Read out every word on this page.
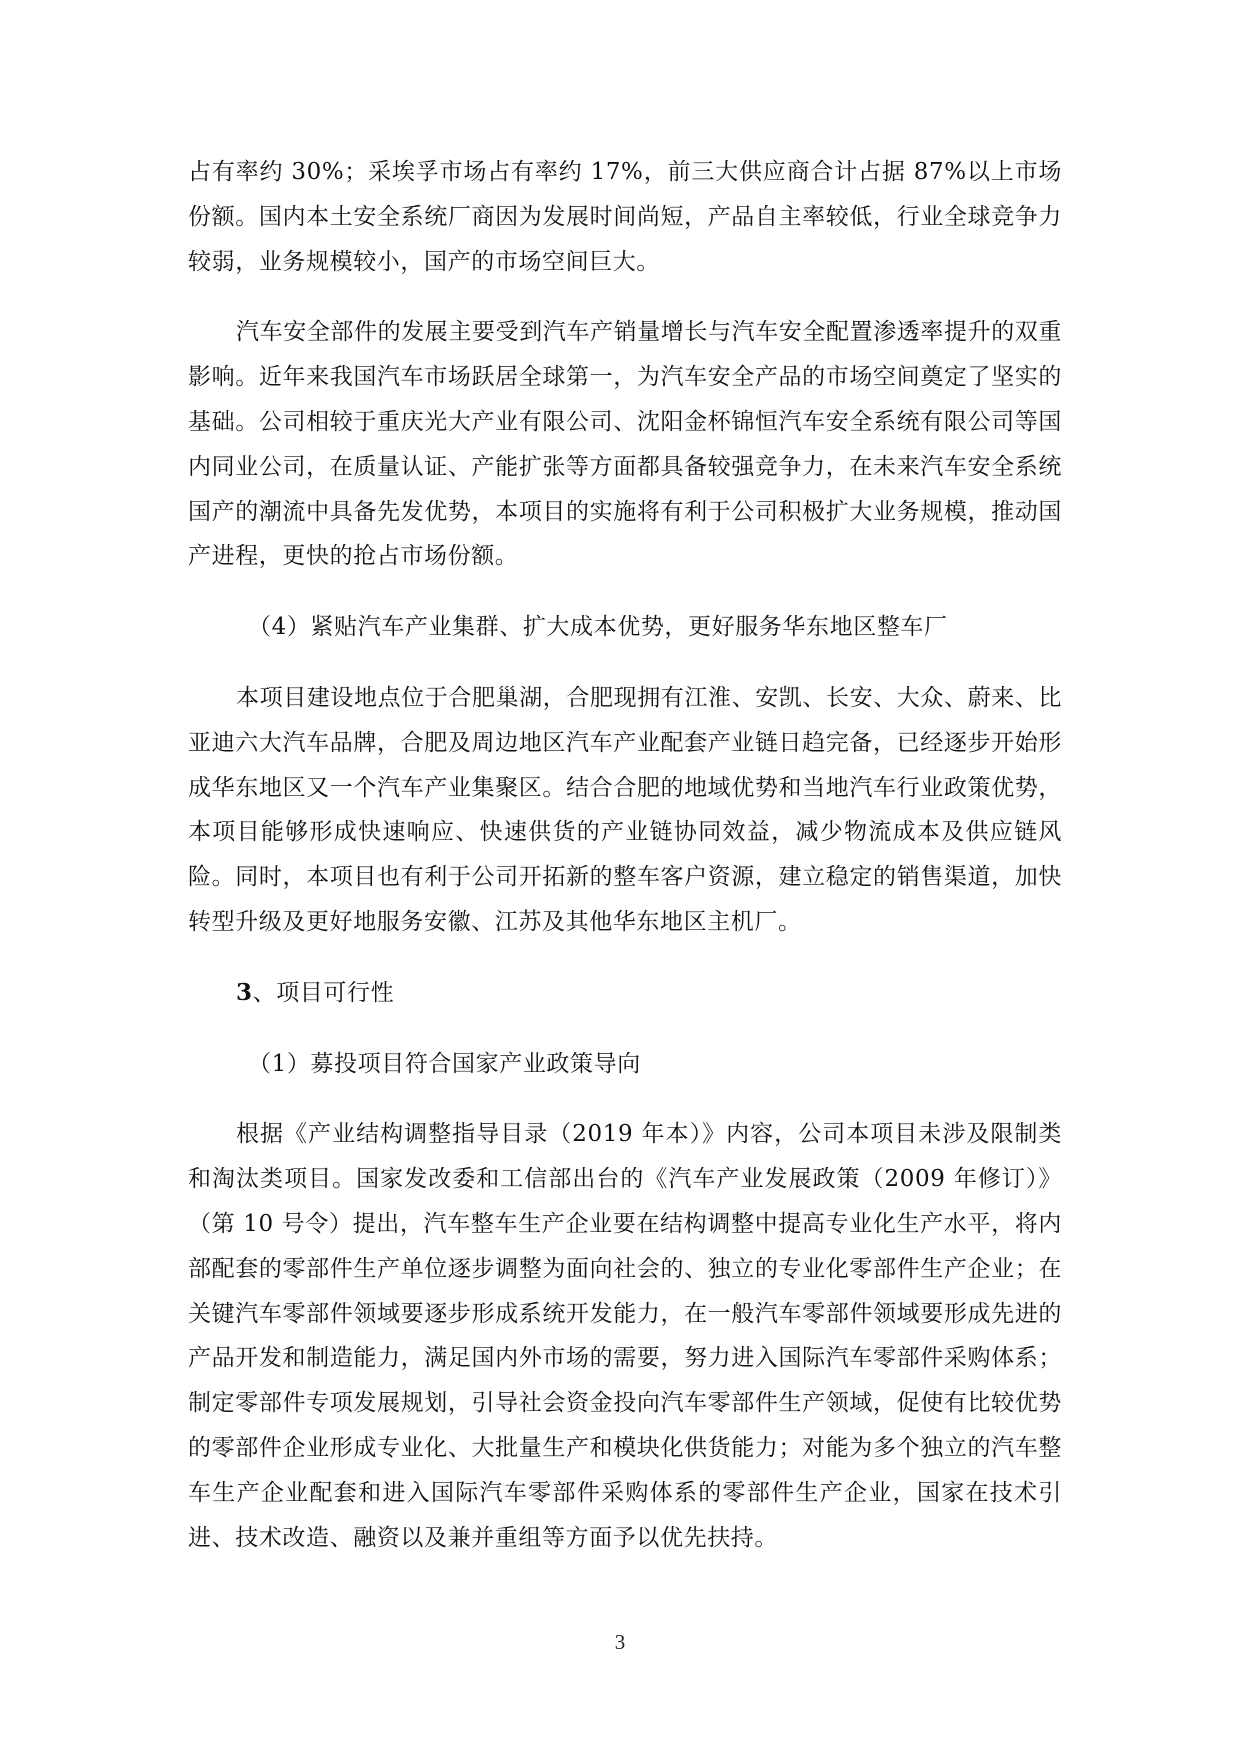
占有率约 30%；采埃孚市场占有率约 17%，前三大供应商合计占据 87%以上市场份额。国内本土安全系统厂商因为发展时间尚短，产品自主率较低，行业全球竞争力较弱，业务规模较小，国产的市场空间巨大。

汽车安全部件的发展主要受到汽车产销量增长与汽车安全配置渗透率提升的双重影响。近年来我国汽车市场跃居全球第一，为汽车安全产品的市场空间奠定了坚实的基础。公司相较于重庆光大产业有限公司、沈阳金杯锦恒汽车安全系统有限公司等国内同业公司，在质量认证、产能扩张等方面都具备较强竞争力，在未来汽车安全系统国产的潮流中具备先发优势，本项目的实施将有利于公司积极扩大业务规模，推动国产进程，更快的抢占市场份额。

（4）紧贴汽车产业集群、扩大成本优势，更好服务华东地区整车厂

本项目建设地点位于合肥巢湖，合肥现拥有江淮、安凯、长安、大众、蔚来、比亚迪六大汽车品牌，合肥及周边地区汽车产业配套产业链日趋完备，已经逐步开始形成华东地区又一个汽车产业集聚区。结合合肥的地域优势和当地汽车行业政策优势，本项目能够形成快速响应、快速供货的产业链协同效益，减少物流成本及供应链风险。同时，本项目也有利于公司开拓新的整车客户资源，建立稳定的销售渠道，加快转型升级及更好地服务安徽、江苏及其他华东地区主机厂。

3、项目可行性

（1）募投项目符合国家产业政策导向

根据《产业结构调整指导目录（2019 年本）》内容，公司本项目未涉及限制类和淘汰类项目。国家发改委和工信部出台的《汽车产业发展政策（2009 年修订）》（第 10 号令）提出，汽车整车生产企业要在结构调整中提高专业化生产水平，将内部配套的零部件生产单位逐步调整为面向社会的、独立的专业化零部件生产企业；在关键汽车零部件领域要逐步形成系统开发能力，在一般汽车零部件领域要形成先进的产品开发和制造能力，满足国内外市场的需要，努力进入国际汽车零部件采购体系；制定零部件专项发展规划，引导社会资金投向汽车零部件生产领域，促使有比较优势的零部件企业形成专业化、大批量生产和模块化供货能力；对能为多个独立的汽车整车生产企业配套和进入国际汽车零部件采购体系的零部件生产企业，国家在技术引进、技术改造、融资以及兼并重组等方面予以优先扶持。

3
